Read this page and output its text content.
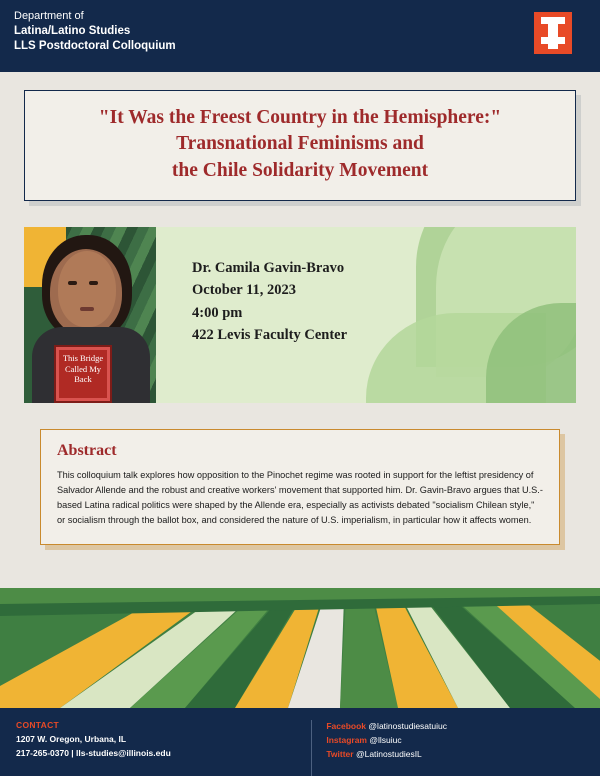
Department of
Latina/Latino Studies
LLS Postdoctoral Colloquium
"It Was the Freest Country in the Hemisphere:"
Transnational Feminisms and
the Chile Solidarity Movement
This Bridge Called My Back
Dr. Camila Gavin-Bravo
October 11, 2023
4:00 pm
422 Levis Faculty Center
Abstract

This colloquium talk explores how opposition to the Pinochet regime was rooted in support for the leftist presidency of Salvador Allende and the robust and creative workers' movement that supported him. Dr. Gavin-Bravo argues that U.S.-based Latina radical politics were shaped by the Allende era, especially as activists debated "socialism Chilean style," or socialism through the ballot box, and considered the nature of U.S. imperialism, in particular how it affects women.

CONTACT
1207 W. Oregon, Urbana, IL
217-265-0370 | lls-studies@illinois.edu
Facebook @latinostudiesatuiuc
Instagram @llsuiuc
Twitter @LatinostudiesIL
